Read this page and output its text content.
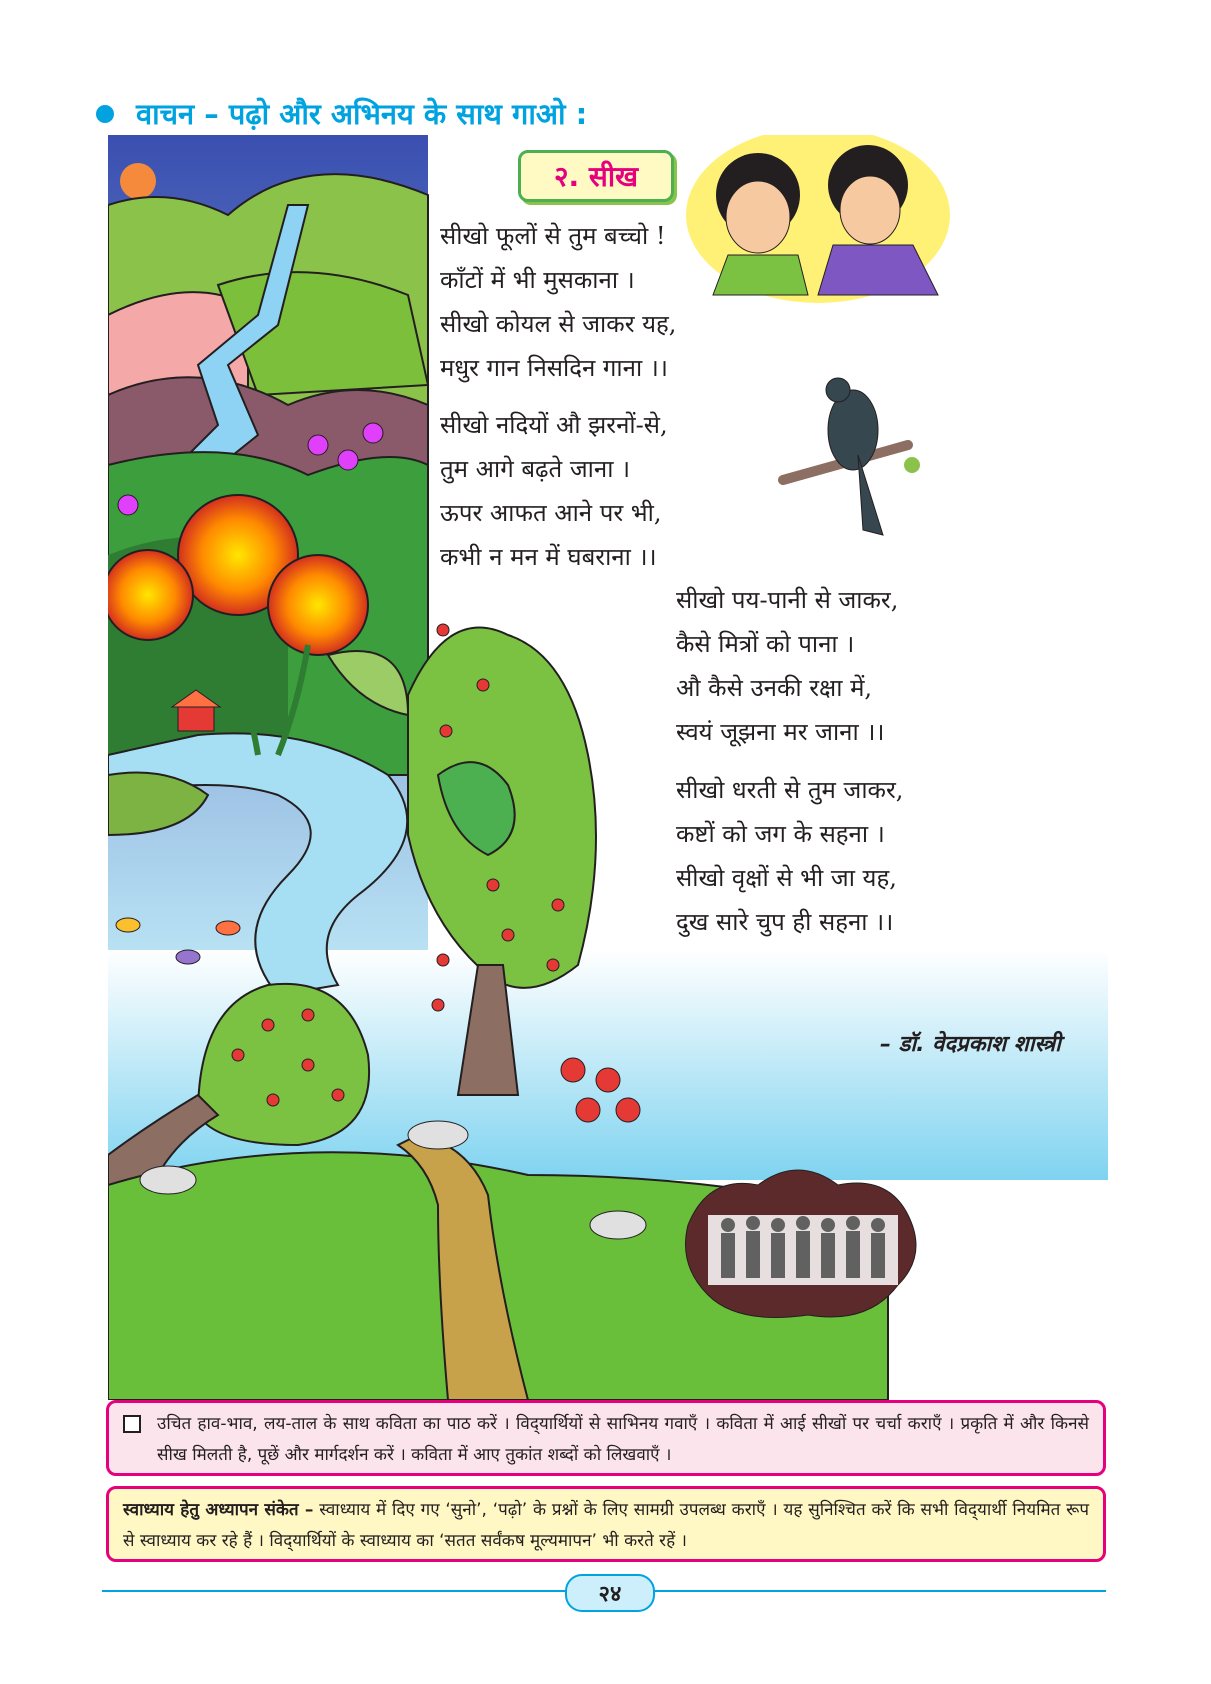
वाचन – पढ़ो और अभिनय के साथ गाओ :
२. सीख
सीखो फूलों से तुम बच्चो !
काँटों में भी मुसकाना ।
सीखो कोयल से जाकर यह,
मधुर गान निसदिन गाना ।।
सीखो नदियों औ झरनों-से,
तुम आगे बढ़ते जाना ।
ऊपर आफत आने पर भी,
कभी न मन में घबराना ।।
सीखो पय-पानी से जाकर,
कैसे मित्रों को पाना ।
औ कैसे उनकी रक्षा में,
स्वयं जूझना मर जाना ।।
सीखो धरती से तुम जाकर,
कष्टों को जग के सहना ।
सीखो वृक्षों से भी जा यह,
दुख सारे चुप ही सहना ।।
– डॉ. वेदप्रकाश शास्त्री
उचित हाव-भाव, लय-ताल के साथ कविता का पाठ करें । विद्‌यार्थियों से साभिनय गवाएँ । कविता में आई सीखों पर चर्चा कराएँ । प्रकृति में और किनसे सीख मिलती है, पूछें और मार्गदर्शन करें । कविता में आए तुकांत शब्दों को लिखवाएँ ।
स्वाध्याय हेतु अध्यापन संकेत – स्वाध्याय में दिए गए ‘सुनो’, ‘पढ़ो’ के प्रश्नों के लिए सामग्री उपलब्ध कराएँ । यह सुनिश्चित करें कि सभी विद्‌यार्थी नियमित रूप से स्वाध्याय कर रहे हैं । विद्‌यार्थियों के स्वाध्याय का ‘सतत सर्वंकष मूल्यमापन’ भी करते रहें ।
२४
